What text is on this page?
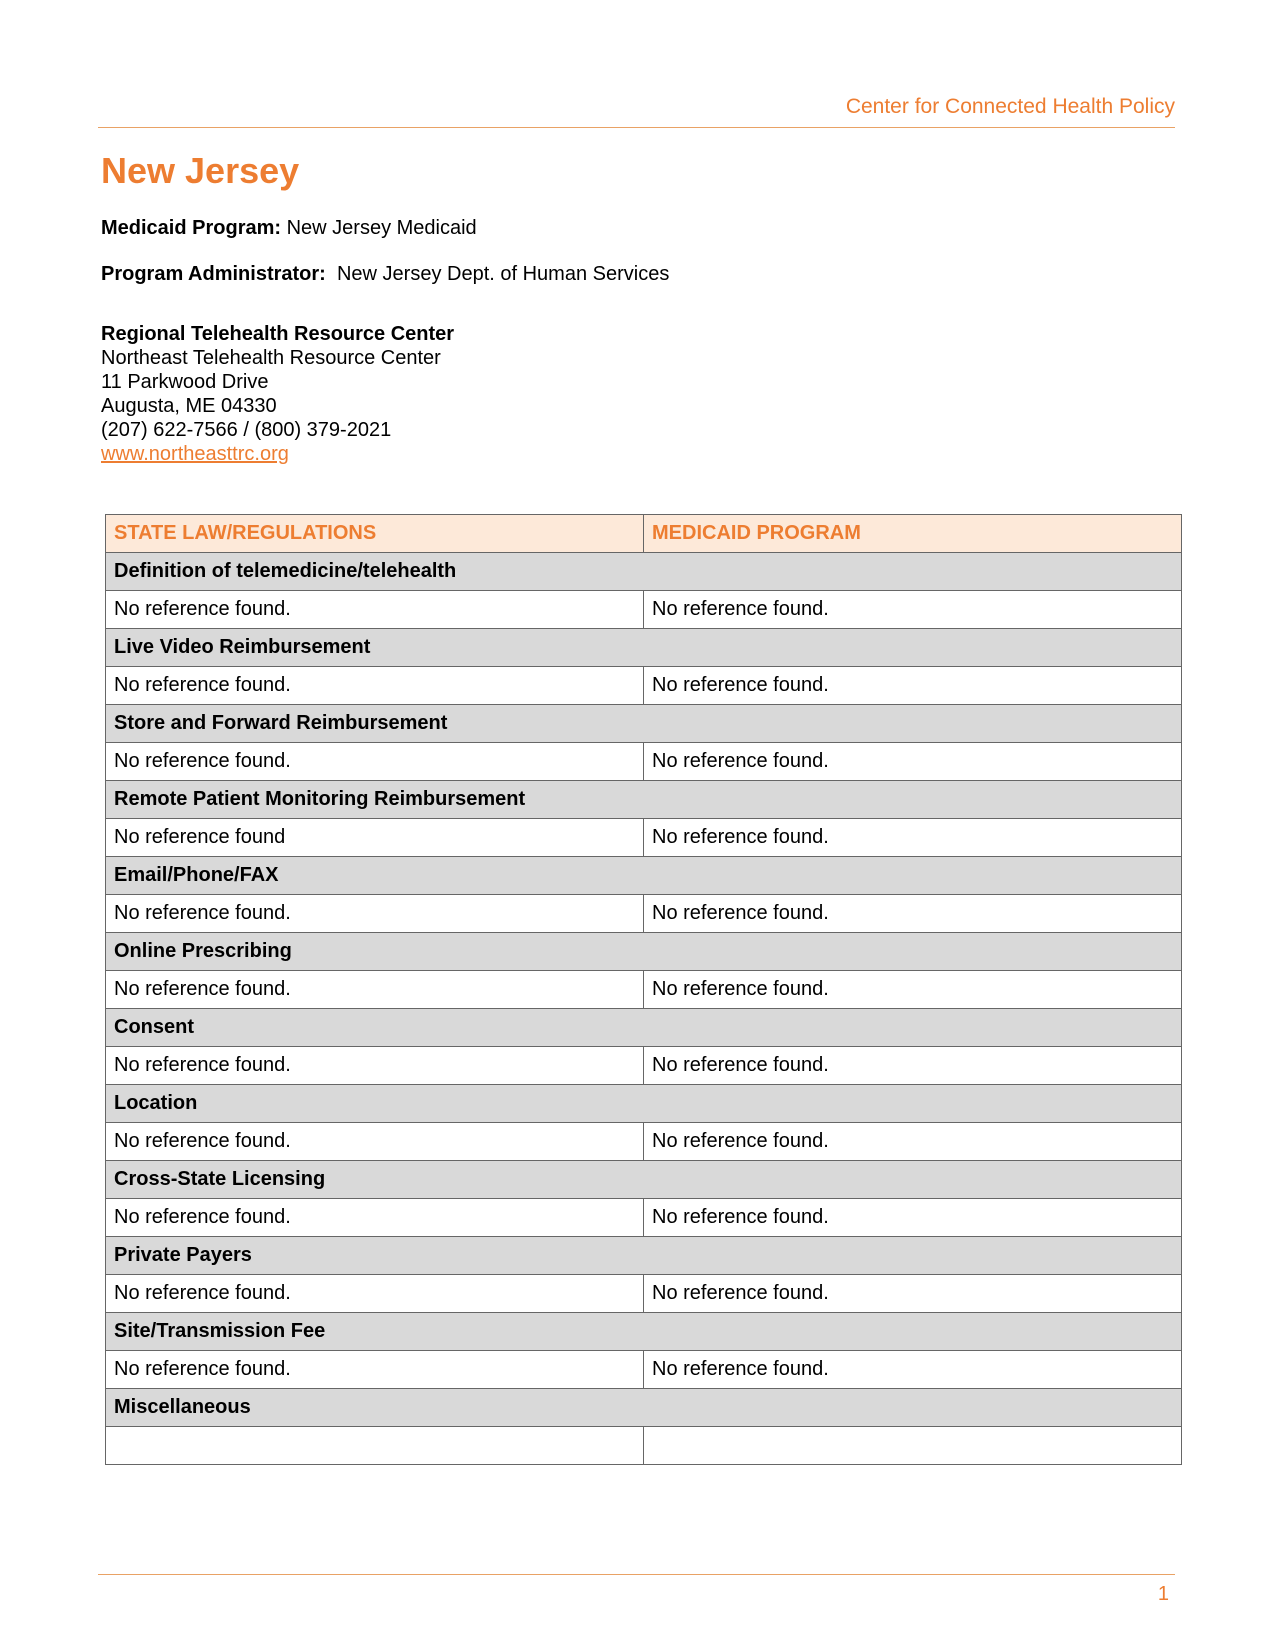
Center for Connected Health Policy
New Jersey
Medicaid Program: New Jersey Medicaid
Program Administrator: New Jersey Dept. of Human Services
Regional Telehealth Resource Center
Northeast Telehealth Resource Center
11 Parkwood Drive
Augusta, ME 04330
(207) 622-7566 / (800) 379-2021
www.northeasttrc.org
STATE LAW/REGULATIONS	MEDICAID PROGRAM
Definition of telemedicine/telehealth	
No reference found.	No reference found.
Live Video Reimbursement	
No reference found.	No reference found.
Store and Forward Reimbursement	
No reference found.	No reference found.
Remote Patient Monitoring Reimbursement	
No reference found	No reference found.
Email/Phone/FAX	
No reference found.	No reference found.
Online Prescribing	
No reference found.	No reference found.
Consent	
No reference found.	No reference found.
Location	
No reference found.	No reference found.
Cross-State Licensing	
No reference found.	No reference found.
Private Payers	
No reference found.	No reference found.
Site/Transmission Fee	
No reference found.	No reference found.
Miscellaneous	

1
